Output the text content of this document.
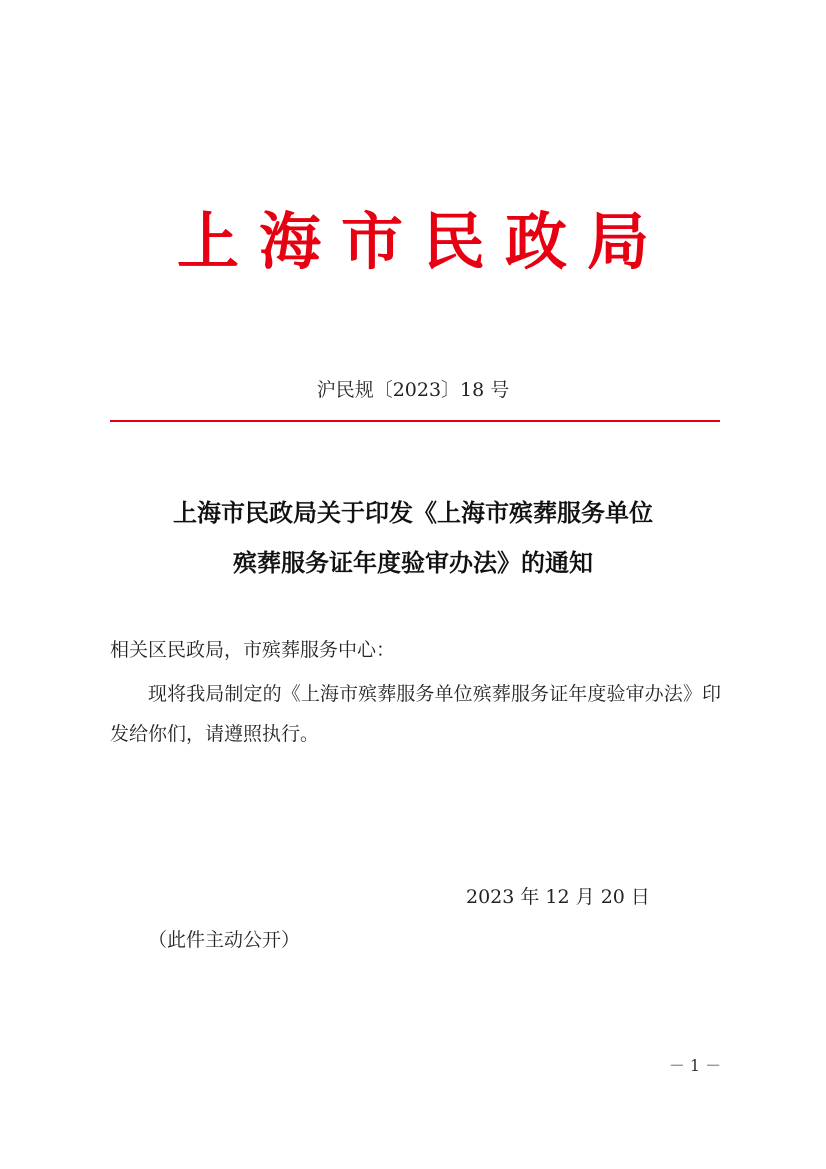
上海市民政局
沪民规〔2023〕18 号
上海市民政局关于印发《上海市殡葬服务单位
殡葬服务证年度验审办法》的通知
相关区民政局，市殡葬服务中心：
现将我局制定的《上海市殡葬服务单位殡葬服务证年度验审办法》印发给你们，请遵照执行。
2023 年 12 月 20 日
（此件主动公开）
－ 1 －
